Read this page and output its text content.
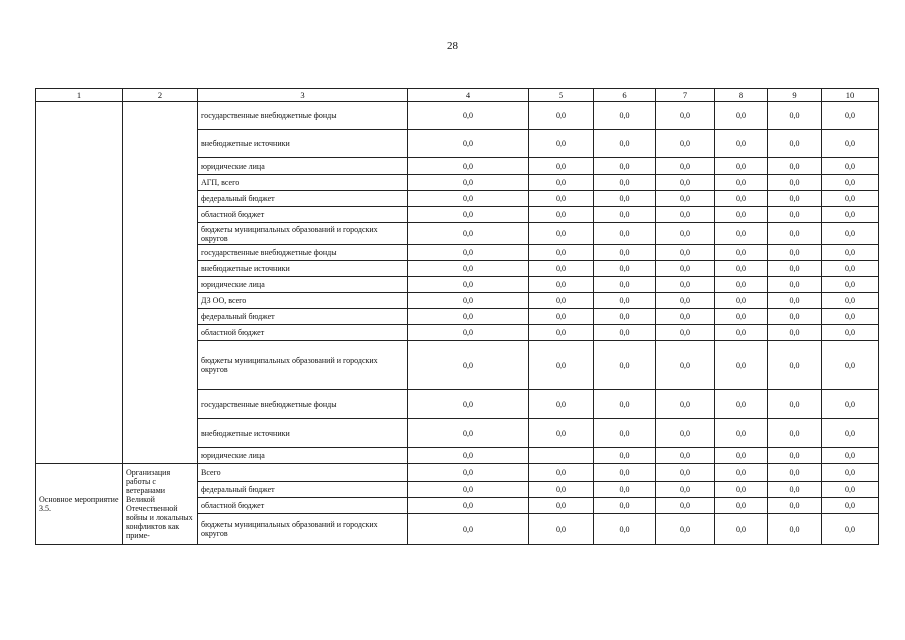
28
1	2	3	4	5	6	7	8	9	10
		государственные внебюджетные фонды	0,0	0,0	0,0	0,0	0,0	0,0	0,0
		внебюджетные источники	0,0	0,0	0,0	0,0	0,0	0,0	0,0
		юридические лица	0,0	0,0	0,0	0,0	0,0	0,0	0,0
		АГП, всего	0,0	0,0	0,0	0,0	0,0	0,0	0,0
		федеральный бюджет	0,0	0,0	0,0	0,0	0,0	0,0	0,0
		областной бюджет	0,0	0,0	0,0	0,0	0,0	0,0	0,0
		бюджеты муниципальных образований и городских округов	0,0	0,0	0,0	0,0	0,0	0,0	0,0
		государственные внебюджетные фонды	0,0	0,0	0,0	0,0	0,0	0,0	0,0
		внебюджетные источники	0,0	0,0	0,0	0,0	0,0	0,0	0,0
		юридические лица	0,0	0,0	0,0	0,0	0,0	0,0	0,0
		ДЗ ОО, всего	0,0	0,0	0,0	0,0	0,0	0,0	0,0
		федеральный бюджет	0,0	0,0	0,0	0,0	0,0	0,0	0,0
		областной бюджет	0,0	0,0	0,0	0,0	0,0	0,0	0,0
		бюджеты муниципальных образований и городских округов	0,0	0,0	0,0	0,0	0,0	0,0	0,0
		государственные внебюджетные фонды	0,0	0,0	0,0	0,0	0,0	0,0	0,0
		внебюджетные источники	0,0	0,0	0,0	0,0	0,0	0,0	0,0
		юридические лица	0,0		0,0	0,0	0,0	0,0	0,0
Основное мероприятие 3.5.	Организация работы с ветеранами Великой Отечественной войны и локальных конфликтов как приме-	Всего	0,0	0,0	0,0	0,0	0,0	0,0	0,0
		федеральный бюджет	0,0	0,0	0,0	0,0	0,0	0,0	0,0
		областной бюджет	0,0	0,0	0,0	0,0	0,0	0,0	0,0
		бюджеты муниципальных образований и городских округов	0,0	0,0	0,0	0,0	0,0	0,0	0,0
